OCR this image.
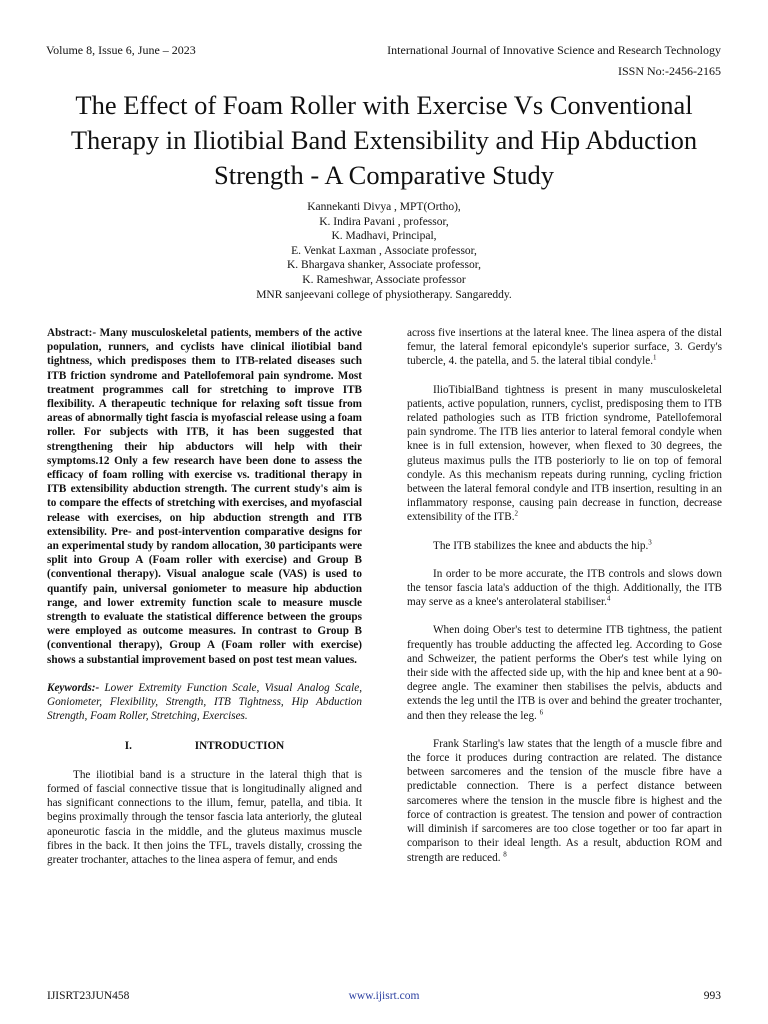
Volume 8, Issue 6, June – 2023	International Journal of Innovative Science and Research Technology
ISSN No:-2456-2165
The Effect of Foam Roller with Exercise Vs Conventional Therapy in Iliotibial Band Extensibility and Hip Abduction Strength - A Comparative Study
Kannekanti Divya , MPT(Ortho),
K. Indira Pavani , professor,
K. Madhavi, Principal,
E. Venkat Laxman , Associate professor,
K. Bhargava shanker, Associate professor,
K. Rameshwar, Associate professor
MNR sanjeevani college of physiotherapy. Sangareddy.

Abstract:- Many musculoskeletal patients, members of the active population, runners, and cyclists have clinical iliotibial band tightness, which predisposes them to ITB-related diseases such ITB friction syndrome and Patellofemoral pain syndrome. Most treatment programmes call for stretching to improve ITB flexibility. A therapeutic technique for relaxing soft tissue from areas of abnormally tight fascia is myofascial release using a foam roller. For subjects with ITB, it has been suggested that strengthening their hip abductors will help with their symptoms.12 Only a few research have been done to assess the efficacy of foam rolling with exercise vs. traditional therapy in ITB extensibility abduction strength. The current study's aim is to compare the effects of stretching with exercises, and myofascial release with exercises, on hip abduction strength and ITB extensibility. Pre- and post-intervention comparative designs for an experimental study by random allocation, 30 participants were split into Group A (Foam roller with exercise) and Group B (conventional therapy). Visual analogue scale (VAS) is used to quantify pain, universal goniometer to measure hip abduction range, and lower extremity function scale to measure muscle strength to evaluate the statistical difference between the groups were employed as outcome measures. In contrast to Group B (conventional therapy), Group A (Foam roller with exercise) shows a substantial improvement based on post test mean values.

Keywords:- Lower Extremity Function Scale, Visual Analog Scale, Goniometer, Flexibility, Strength, ITB Tightness, Hip Abduction Strength, Foam Roller, Stretching, Exercises.

I.	INTRODUCTION

The iliotibial band is a structure in the lateral thigh that is formed of fascial connective tissue that is longitudinally aligned and has significant connections to the illum, femur, patella, and tibia. It begins proximally through the tensor fascia lata anteriorly, the gluteal aponeurotic fascia in the middle, and the gluteus maximus muscle fibres in the back. It then joins the TFL, travels distally, crossing the greater trochanter, attaches to the linea aspera of femur, and ends

across five insertions at the lateral knee. The linea aspera of the distal femur, the lateral femoral epicondyle's superior surface, 3. Gerdy's tubercle, 4. the patella, and 5. the lateral tibial condyle.$^1$

IlioTibialBand tightness is present in many musculoskeletal patients, active population, runners, cyclist, predisposing them to ITB related pathologies such as ITB friction syndrome, Patellofemoral pain syndrome. The ITB lies anterior to lateral femoral condyle when knee is in full extension, however, when flexed to 30 degrees, the gluteus maximus pulls the ITB posteriorly to lie on top of femoral condyle. As this mechanism repeats during running, cycling friction between the lateral femoral condyle and ITB insertion, resulting in an inflammatory response, causing pain decrease in function, decrease extensibility of the ITB.$^2$

The ITB stabilizes the knee and abducts the hip.$^3$

In order to be more accurate, the ITB controls and slows down the tensor fascia lata's adduction of the thigh. Additionally, the ITB may serve as a knee's anterolateral stabiliser.$^4$

When doing Ober's test to determine ITB tightness, the patient frequently has trouble adducting the affected leg. According to Gose and Schweizer, the patient performs the Ober's test while lying on their side with the affected side up, with the hip and knee bent at a 90-degree angle. The examiner then stabilises the pelvis, abducts and extends the leg until the ITB is over and behind the greater trochanter, and then they release the leg. $^6$

Frank Starling's law states that the length of a muscle fibre and the force it produces during contraction are related. The distance between sarcomeres and the tension of the muscle fibre have a predictable connection. There is a perfect distance between sarcomeres where the tension in the muscle fibre is highest and the force of contraction is greatest. The tension and power of contraction will diminish if sarcomeres are too close together or too far apart in comparison to their ideal length. As a result, abduction ROM and strength are reduced. $^8$

IJISRT23JUN458	www.ijisrt.com	993
